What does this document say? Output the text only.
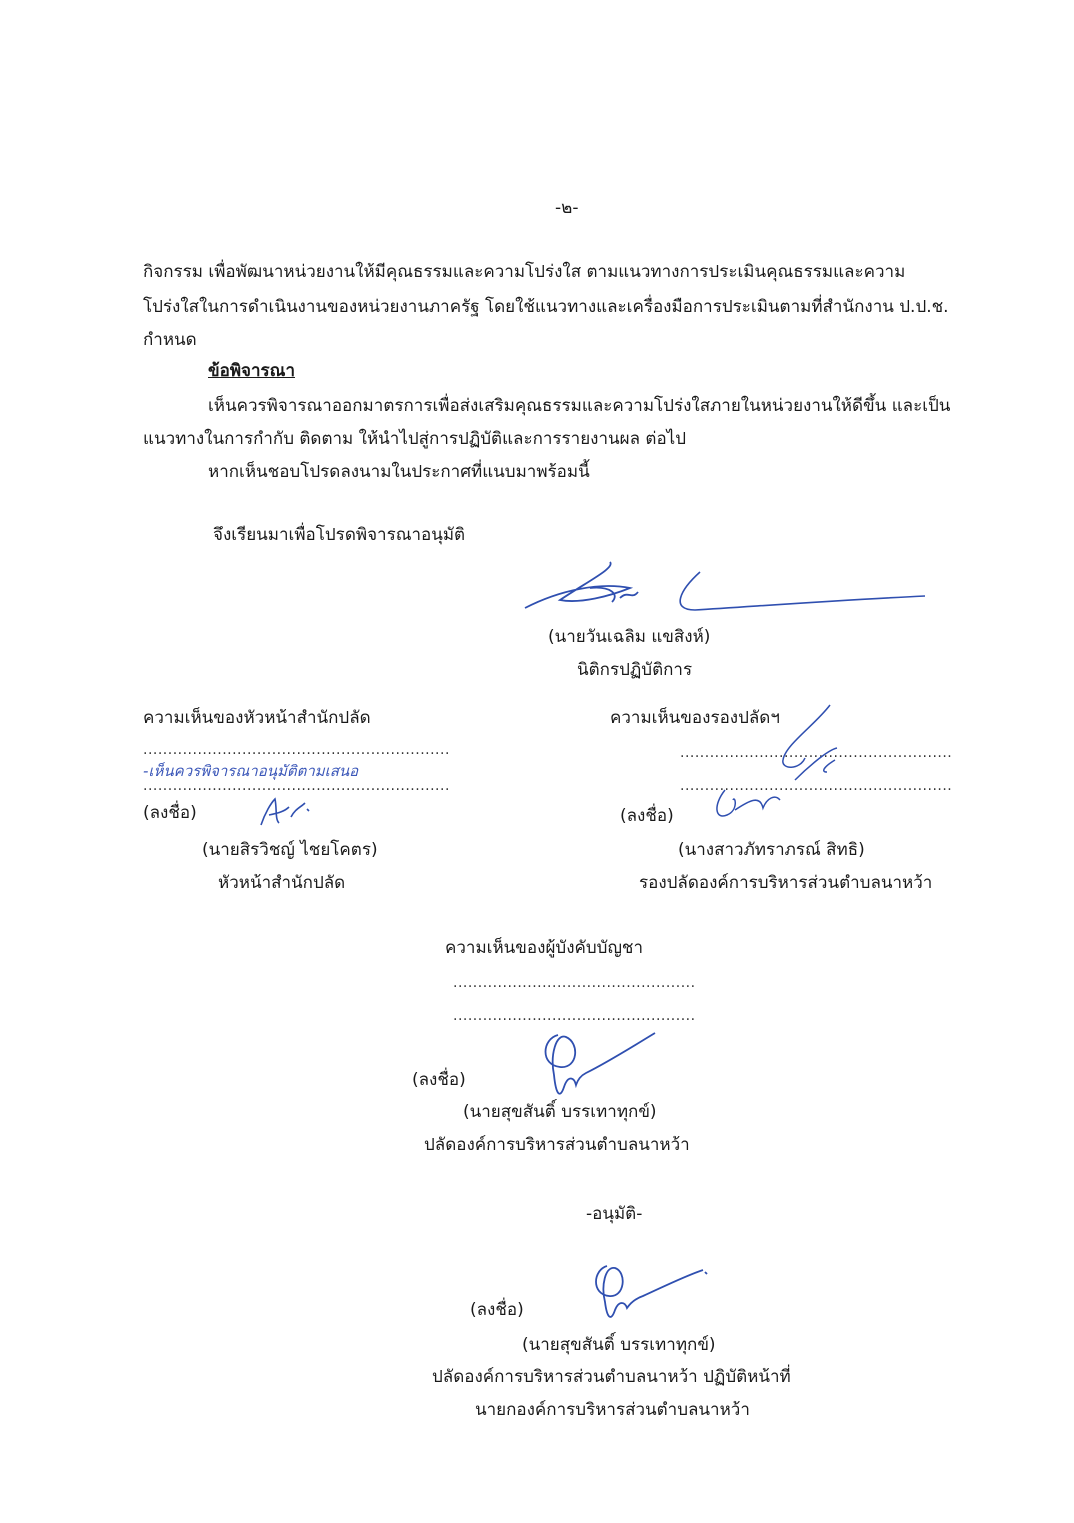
-๒-
กิจกรรม เพื่อพัฒนาหน่วยงานให้มีคุณธรรมและความโปร่งใส ตามแนวทางการประเมินคุณธรรมและความ
โปร่งใสในการดำเนินงานของหน่วยงานภาครัฐ โดยใช้แนวทางและเครื่องมือการประเมินตามที่สำนักงาน ป.ป.ช.
กำหนด
ข้อพิจารณา
เห็นควรพิจารณาออกมาตรการเพื่อส่งเสริมคุณธรรมและความโปร่งใสภายในหน่วยงานให้ดีขึ้น และเป็น
แนวทางในการกำกับ ติดตาม ให้นำไปสู่การปฏิบัติและการรายงานผล ต่อไป
หากเห็นชอบโปรดลงนามในประกาศที่แนบมาพร้อมนี้
จึงเรียนมาเพื่อโปรดพิจารณาอนุมัติ
(นายวันเฉลิม แขสิงห์)
นิติกรปฏิบัติการ
ความเห็นของหัวหน้าสำนักปลัด
..............................................................
-เห็นควรพิจารณาอนุมัติตามเสนอ
..............................................................
(ลงชื่อ)
(นายสิรวิชญ์ ไชยโคตร)
หัวหน้าสำนักปลัด
ความเห็นของรองปลัดฯ
.......................................................
.......................................................
(ลงชื่อ)
(นางสาวภัทราภรณ์ สิทธิ)
รองปลัดองค์การบริหารส่วนตำบลนาหว้า
ความเห็นของผู้บังคับบัญชา
.................................................
.................................................
(ลงชื่อ)
(นายสุขสันติ์ บรรเทาทุกข์)
ปลัดองค์การบริหารส่วนตำบลนาหว้า
-อนุมัติ-
(ลงชื่อ)
(นายสุขสันติ์ บรรเทาทุกข์)
ปลัดองค์การบริหารส่วนตำบลนาหว้า ปฏิบัติหน้าที่
นายกองค์การบริหารส่วนตำบลนาหว้า
